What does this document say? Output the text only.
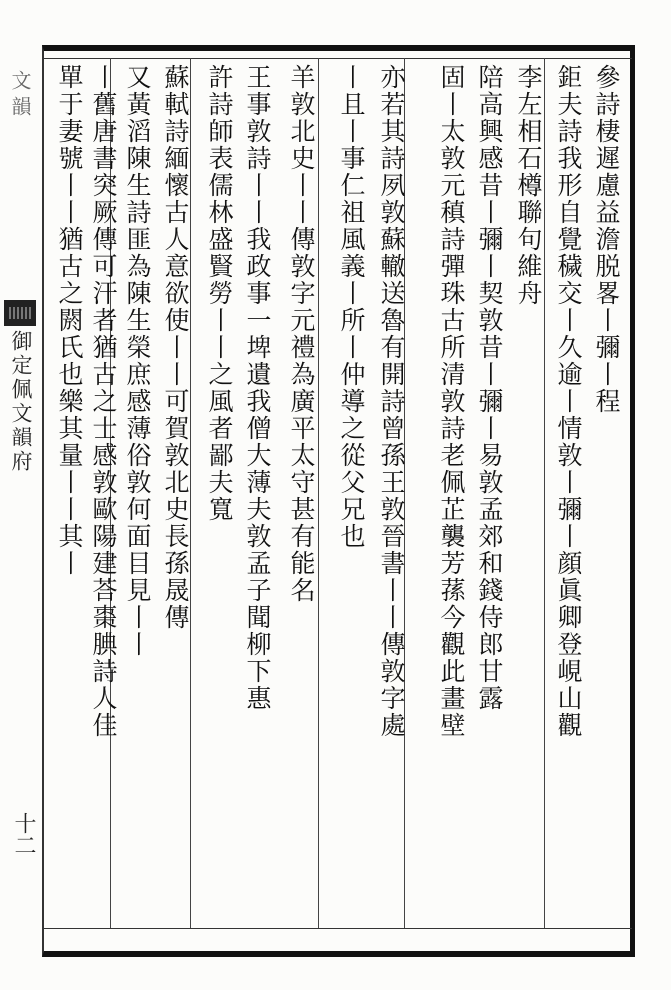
文韻
御定佩文韻府
十二
參詩棲遲慮益澹脱畧丨彌丨程
鉅夫詩我形自覺穢交丨久逾丨情敦丨彌丨顔眞卿登峴山觀
李左相石樽聯句維舟
陪高興感昔丨彌丨契敦昔丨彌丨易敦孟郊和錢侍郎甘露
固丨太敦元稹詩彈珠古所清敦詩老佩芷襲芳蓀今觀此畫壁
亦若其詩夙敦蘇轍送魯有開詩曾孫王敦晉書丨丨傳敦字處
丨且丨事仁祖風義丨所丨仲導之從父兄也
羊敦北史丨丨傳敦字元禮為廣平太守甚有能名
王事敦詩丨丨我政事一埤遺我僧大薄夫敦孟子聞柳下惠
許詩師表儒林盛賢勞丨丨之風者鄙夫寬
蘇軾詩緬懷古人意欲使丨丨可賀敦北史長孫晟傳
又黃滔陳生詩匪為陳生榮庶感薄俗敦何面目見丨丨
丨舊唐書突厥傳可汗者猶古之士感敦歐陽建荅棗腆詩人佳
單于妻號丨丨猶古之閼氏也樂其量丨丨其丨
